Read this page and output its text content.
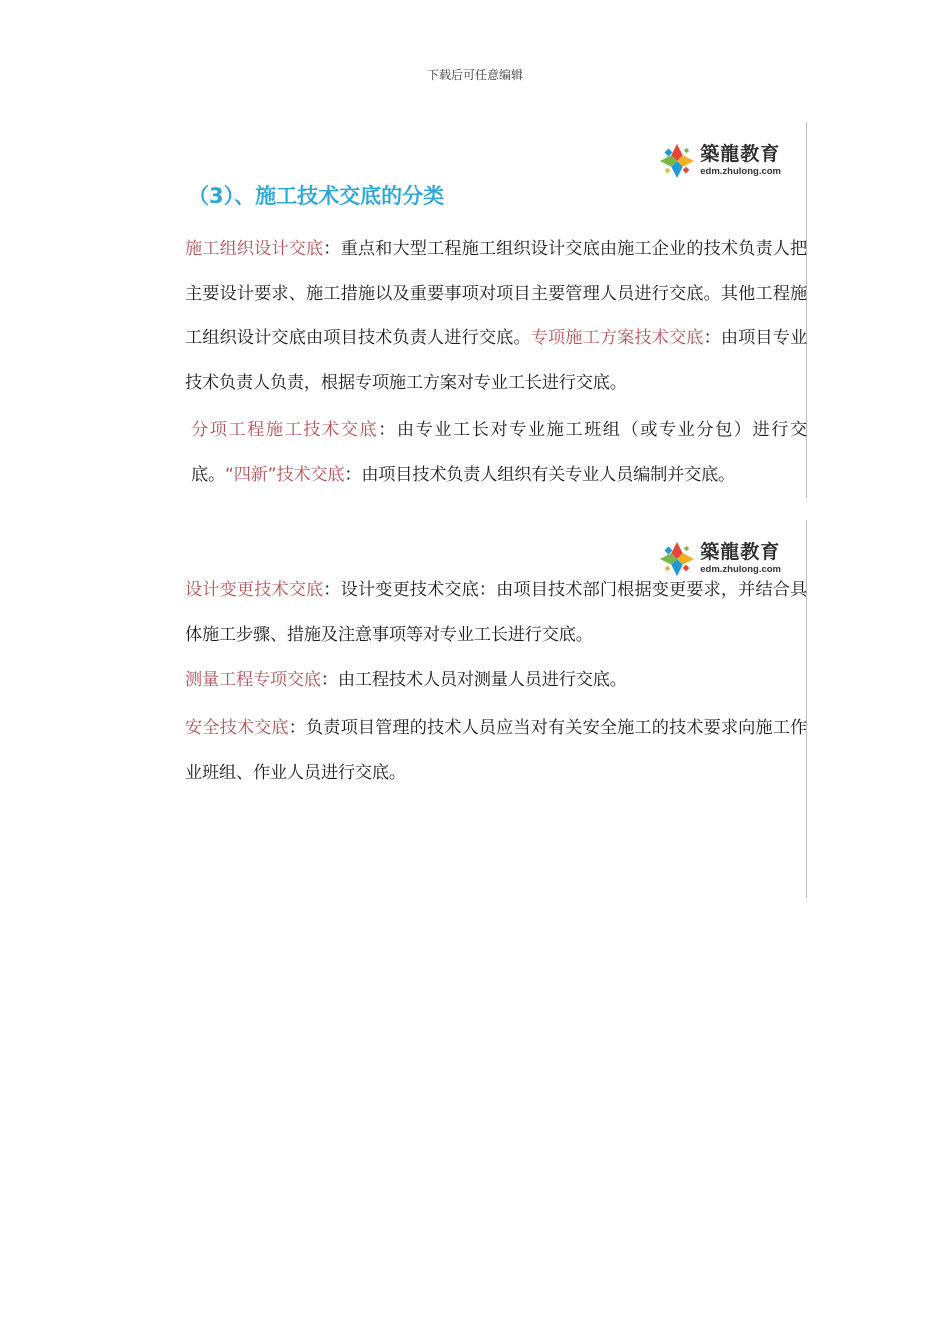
下载后可任意编辑
築龍教育
edm.zhulong.com
（3）、施工技术交底的分类
施工组织设计交底：重点和大型工程施工组织设计交底由施工企业的技术负责人把主要设计要求、施工措施以及重要事项对项目主要管理人员进行交底。其他工程施工组织设计交底由项目技术负责人进行交底。专项施工方案技术交底：由项目专业技术负责人负责，根据专项施工方案对专业工长进行交底。
分项工程施工技术交底：由专业工长对专业施工班组（或专业分包）进行交底。“四新”技术交底：由项目技术负责人组织有关专业人员编制并交底。
築龍教育
edm.zhulong.com
设计变更技术交底：设计变更技术交底：由项目技术部门根据变更要求，并结合具体施工步骤、措施及注意事项等对专业工长进行交底。
测量工程专项交底：由工程技术人员对测量人员进行交底。
安全技术交底：负责项目管理的技术人员应当对有关安全施工的技术要求向施工作业班组、作业人员进行交底。
